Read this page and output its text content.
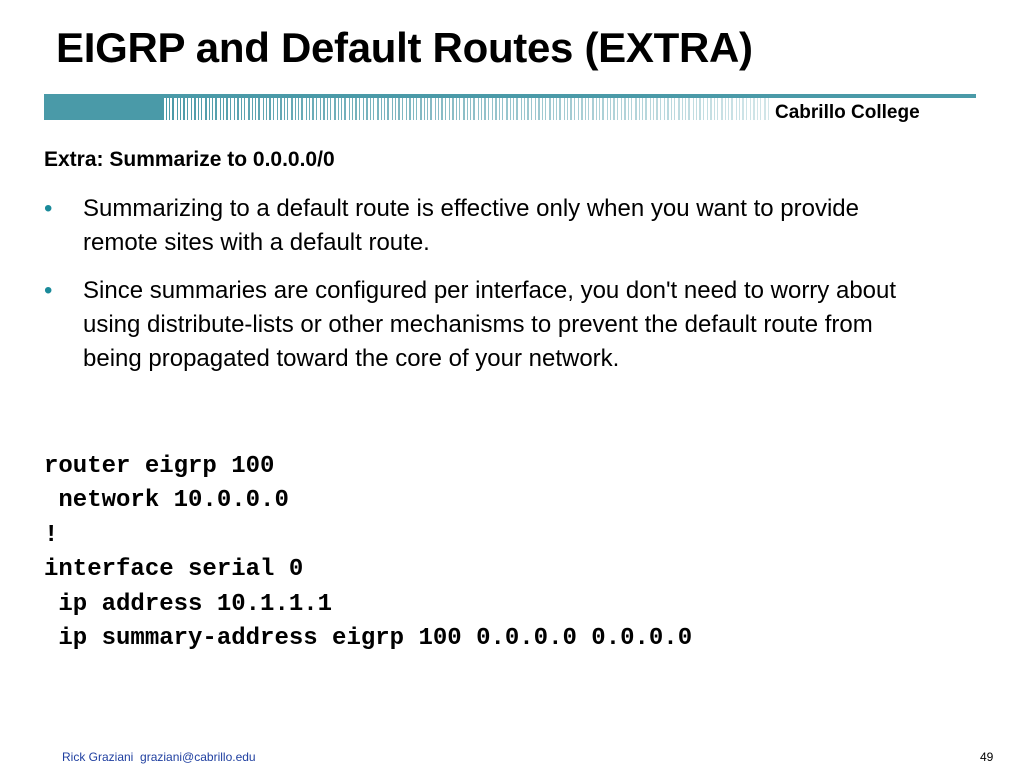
EIGRP and Default Routes (EXTRA)
Cabrillo College
Extra: Summarize to 0.0.0.0/0
•	Summarizing to a default route is effective only when you want to provide remote sites with a default route.
•	Since summaries are configured per interface, you don't need to worry about using distribute-lists or other mechanisms to prevent the default route from being propagated toward the core of your network.
router eigrp 100
network 10.0.0.0
!
interface serial 0
ip address 10.1.1.1
ip summary-address eigrp 100 0.0.0.0 0.0.0.0
Rick Graziani  graziani@cabrillo.edu	49
